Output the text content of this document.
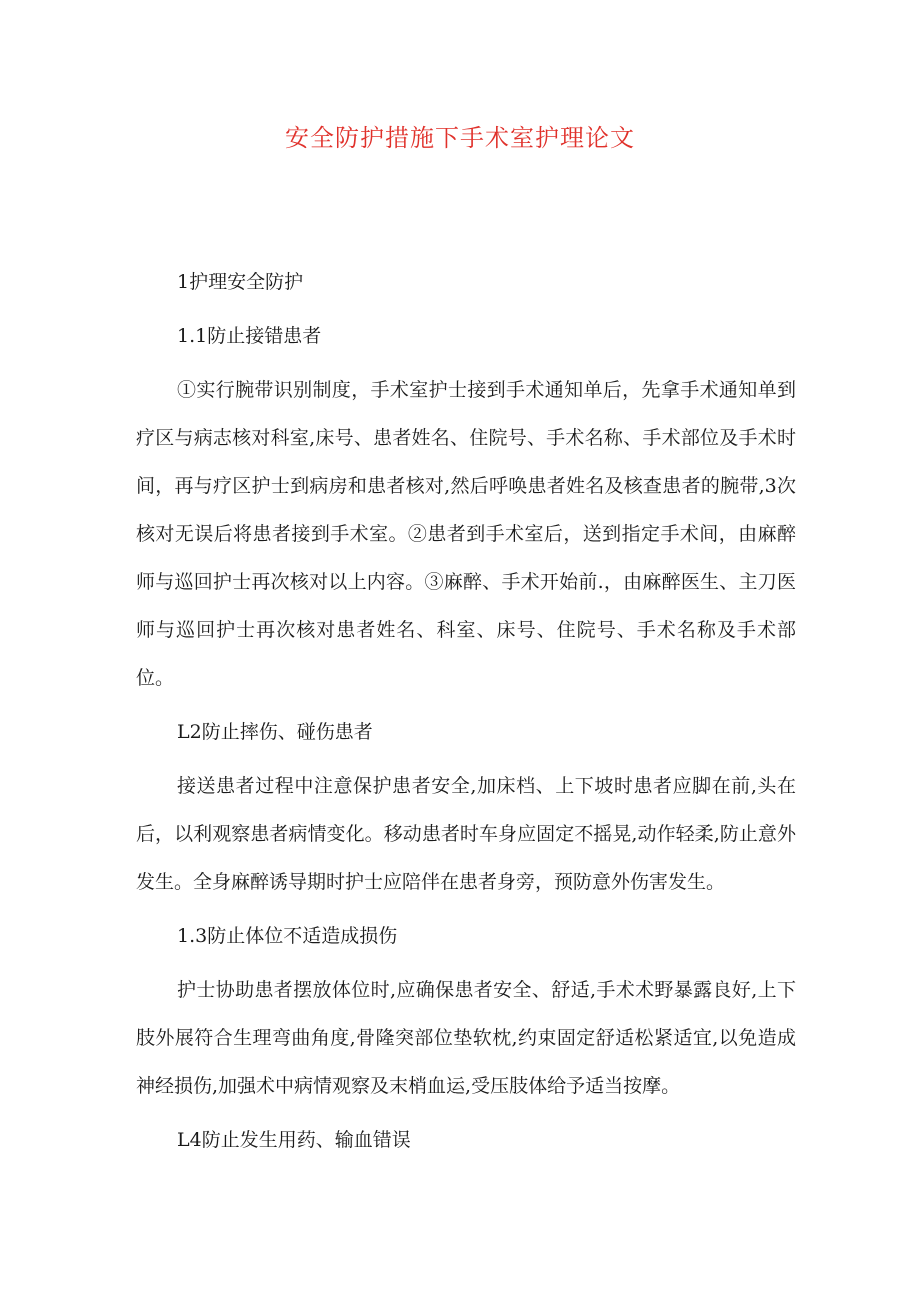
安全防护措施下手术室护理论文

1护理安全防护

1.1防止接错患者

①实行腕带识别制度，手术室护士接到手术通知单后，先拿手术通知单到疗区与病志核对科室,床号、患者姓名、住院号、手术名称、手术部位及手术时间，再与疗区护士到病房和患者核对,然后呼唤患者姓名及核查患者的腕带,3次核对无误后将患者接到手术室。②患者到手术室后，送到指定手术间，由麻醉师与巡回护士再次核对以上内容。③麻醉、手术开始前.，由麻醉医生、主刀医师与巡回护士再次核对患者姓名、科室、床号、住院号、手术名称及手术部位。

L2防止摔伤、碰伤患者

接送患者过程中注意保护患者安全,加床档、上下坡时患者应脚在前,头在后，以利观察患者病情变化。移动患者时车身应固定不摇晃,动作轻柔,防止意外发生。全身麻醉诱导期时护士应陪伴在患者身旁，预防意外伤害发生。

1.3防止体位不适造成损伤

护士协助患者摆放体位时,应确保患者安全、舒适,手术术野暴露良好,上下肢外展符合生理弯曲角度,骨隆突部位垫软枕,约束固定舒适松紧适宜,以免造成神经损伤,加强术中病情观察及末梢血运,受压肢体给予适当按摩。

L4防止发生用药、输血错误
